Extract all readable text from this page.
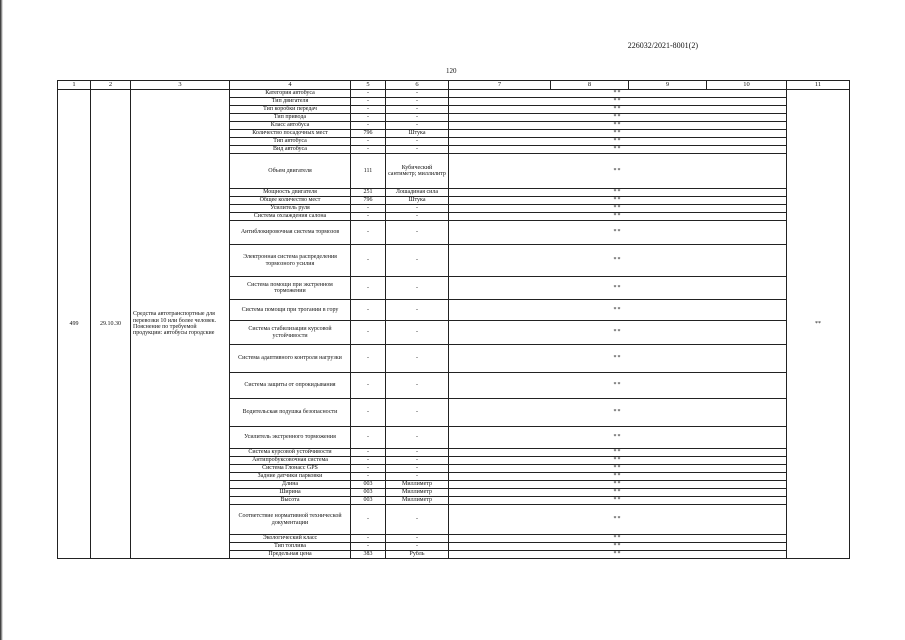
226032/2021-8001(2)
120
1	2	3	4	5	6	7	8	9	10	11
499	29.10.30	Средства автотранспортные для перевозки 10 или более человек. Пояснение по требуемой продукции: автобусы городские	Категория автобуса	-	-	**				**
			Тип двигателя	-	-	**				
			Тип коробки передач	-	-	**				
			Тип привода	-	-	**				
			Класс автобуса	-	-	**				
			Количество посадочных мест	796	Штука	**				
			Тип автобуса	-	-	**				
			Вид автобуса	-	-	**				
			Объем двигателя	111	Кубический сантиметр; миллилитр	**				
			Мощность двигателя	251	Лошадиная сила	**				
			Общее количество мест	796	Штука	**				
			Усилитель руля	-	-	**				
			Система охлаждения салона	-	-	**				
			Антиблокировочная система тормозов	-	-	**				
			Электронная система распределения тормозного усилия	-	-	**				
			Система помощи при экстренном торможении	-	-	**				
			Система помощи при трогании в гору	-	-	**				
			Система стабилизации курсовой устойчивости	-	-	**				
			Система адаптивного контроля нагрузки	-	-	**				
			Система защиты от опрокидывания	-	-	**				
			Водительская подушка безопасности	-	-	**				
			Усилитель экстренного торможения	-	-	**				
			Система курсовой устойчивости	-	-	**				
			Антипробуксовочная система	-	-	**				
			Система Глонасс GPS	-	-	**				
			Задние датчики парковки	-	-	**				
			Длина	003	Миллиметр	**				
			Ширина	003	Миллиметр	**				
			Высота	003	Миллиметр	**				
			Соответствие нормативной технической документации	-	-	**				
			Экологический класс	-	-	**				
			Тип топлива	-	-	**				
			Предельная цена	383	Рубль	**				
